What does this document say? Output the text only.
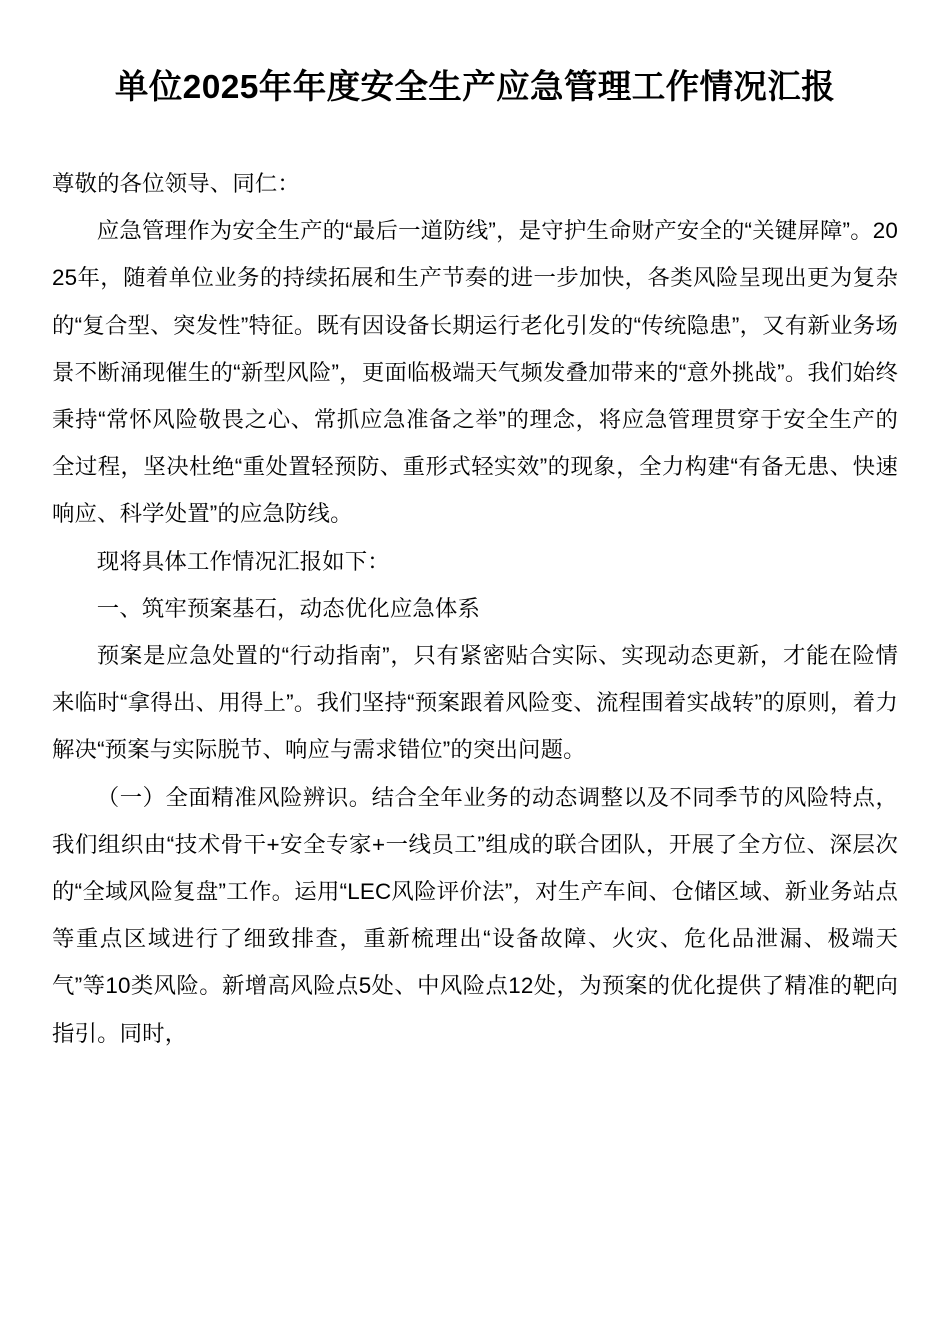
单位2025年年度安全生产应急管理工作情况汇报

尊敬的各位领导、同仁：

应急管理作为安全生产的“最后一道防线”，是守护生命财产安全的“关键屏障”。2025年，随着单位业务的持续拓展和生产节奏的进一步加快，各类风险呈现出更为复杂的“复合型、突发性”特征。既有因设备长期运行老化引发的“传统隐患”，又有新业务场景不断涌现催生的“新型风险”，更面临极端天气频发叠加带来的“意外挑战”。我们始终秉持“常怀风险敬畏之心、常抓应急准备之举”的理念，将应急管理贯穿于安全生产的全过程，坚决杜绝“重处置轻预防、重形式轻实效”的现象，全力构建“有备无患、快速响应、科学处置”的应急防线。

现将具体工作情况汇报如下：

一、筑牢预案基石，动态优化应急体系

预案是应急处置的“行动指南”，只有紧密贴合实际、实现动态更新，才能在险情来临时“拿得出、用得上”。我们坚持“预案跟着风险变、流程围着实战转”的原则，着力解决“预案与实际脱节、响应与需求错位”的突出问题。

（一）全面精准风险辨识。结合全年业务的动态调整以及不同季节的风险特点，我们组织由“技术骨干+安全专家+一线员工”组成的联合团队，开展了全方位、深层次的“全域风险复盘”工作。运用“LEC风险评价法”，对生产车间、仓储区域、新业务站点等重点区域进行了细致排查，重新梳理出“设备故障、火灾、危化品泄漏、极端天气”等10类风险。新增高风险点5处、中风险点12处，为预案的优化提供了精准的靶向指引。同时，
